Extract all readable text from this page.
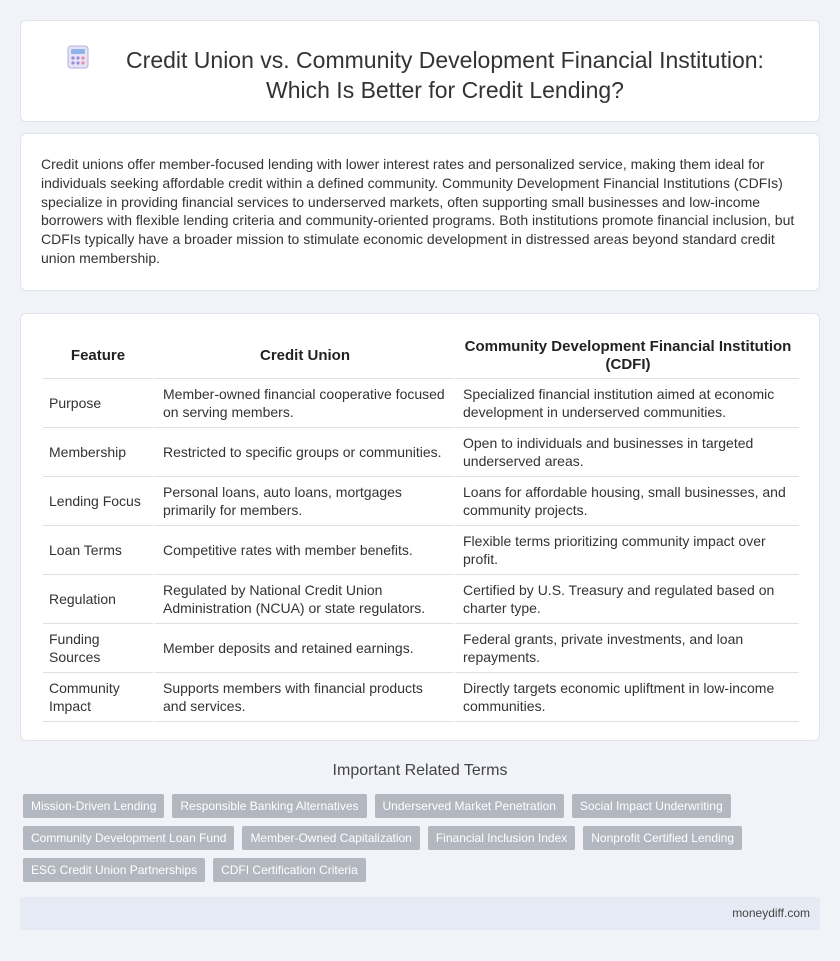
Credit Union vs. Community Development Financial Institution: Which Is Better for Credit Lending?

Credit unions offer member-focused lending with lower interest rates and personalized service, making them ideal for individuals seeking affordable credit within a defined community. Community Development Financial Institutions (CDFIs) specialize in providing financial services to underserved markets, often supporting small businesses and low-income borrowers with flexible lending criteria and community-oriented programs. Both institutions promote financial inclusion, but CDFIs typically have a broader mission to stimulate economic development in distressed areas beyond standard credit union membership.

Feature	Credit Union	Community Development Financial Institution (CDFI)
Purpose	Member-owned financial cooperative focused on serving members.	Specialized financial institution aimed at economic development in underserved communities.
Membership	Restricted to specific groups or communities.	Open to individuals and businesses in targeted underserved areas.
Lending Focus	Personal loans, auto loans, mortgages primarily for members.	Loans for affordable housing, small businesses, and community projects.
Loan Terms	Competitive rates with member benefits.	Flexible terms prioritizing community impact over profit.
Regulation	Regulated by National Credit Union Administration (NCUA) or state regulators.	Certified by U.S. Treasury and regulated based on charter type.
Funding Sources	Member deposits and retained earnings.	Federal grants, private investments, and loan repayments.
Community Impact	Supports members with financial products and services.	Directly targets economic upliftment in low-income communities.
Important Related Terms
Mission-Driven Lending	Responsible Banking Alternatives	Underserved Market Penetration	Social Impact Underwriting
Community Development Loan Fund	Member-Owned Capitalization	Financial Inclusion Index	Nonprofit Certified Lending
ESG Credit Union Partnerships	CDFI Certification Criteria
moneydiff.com
